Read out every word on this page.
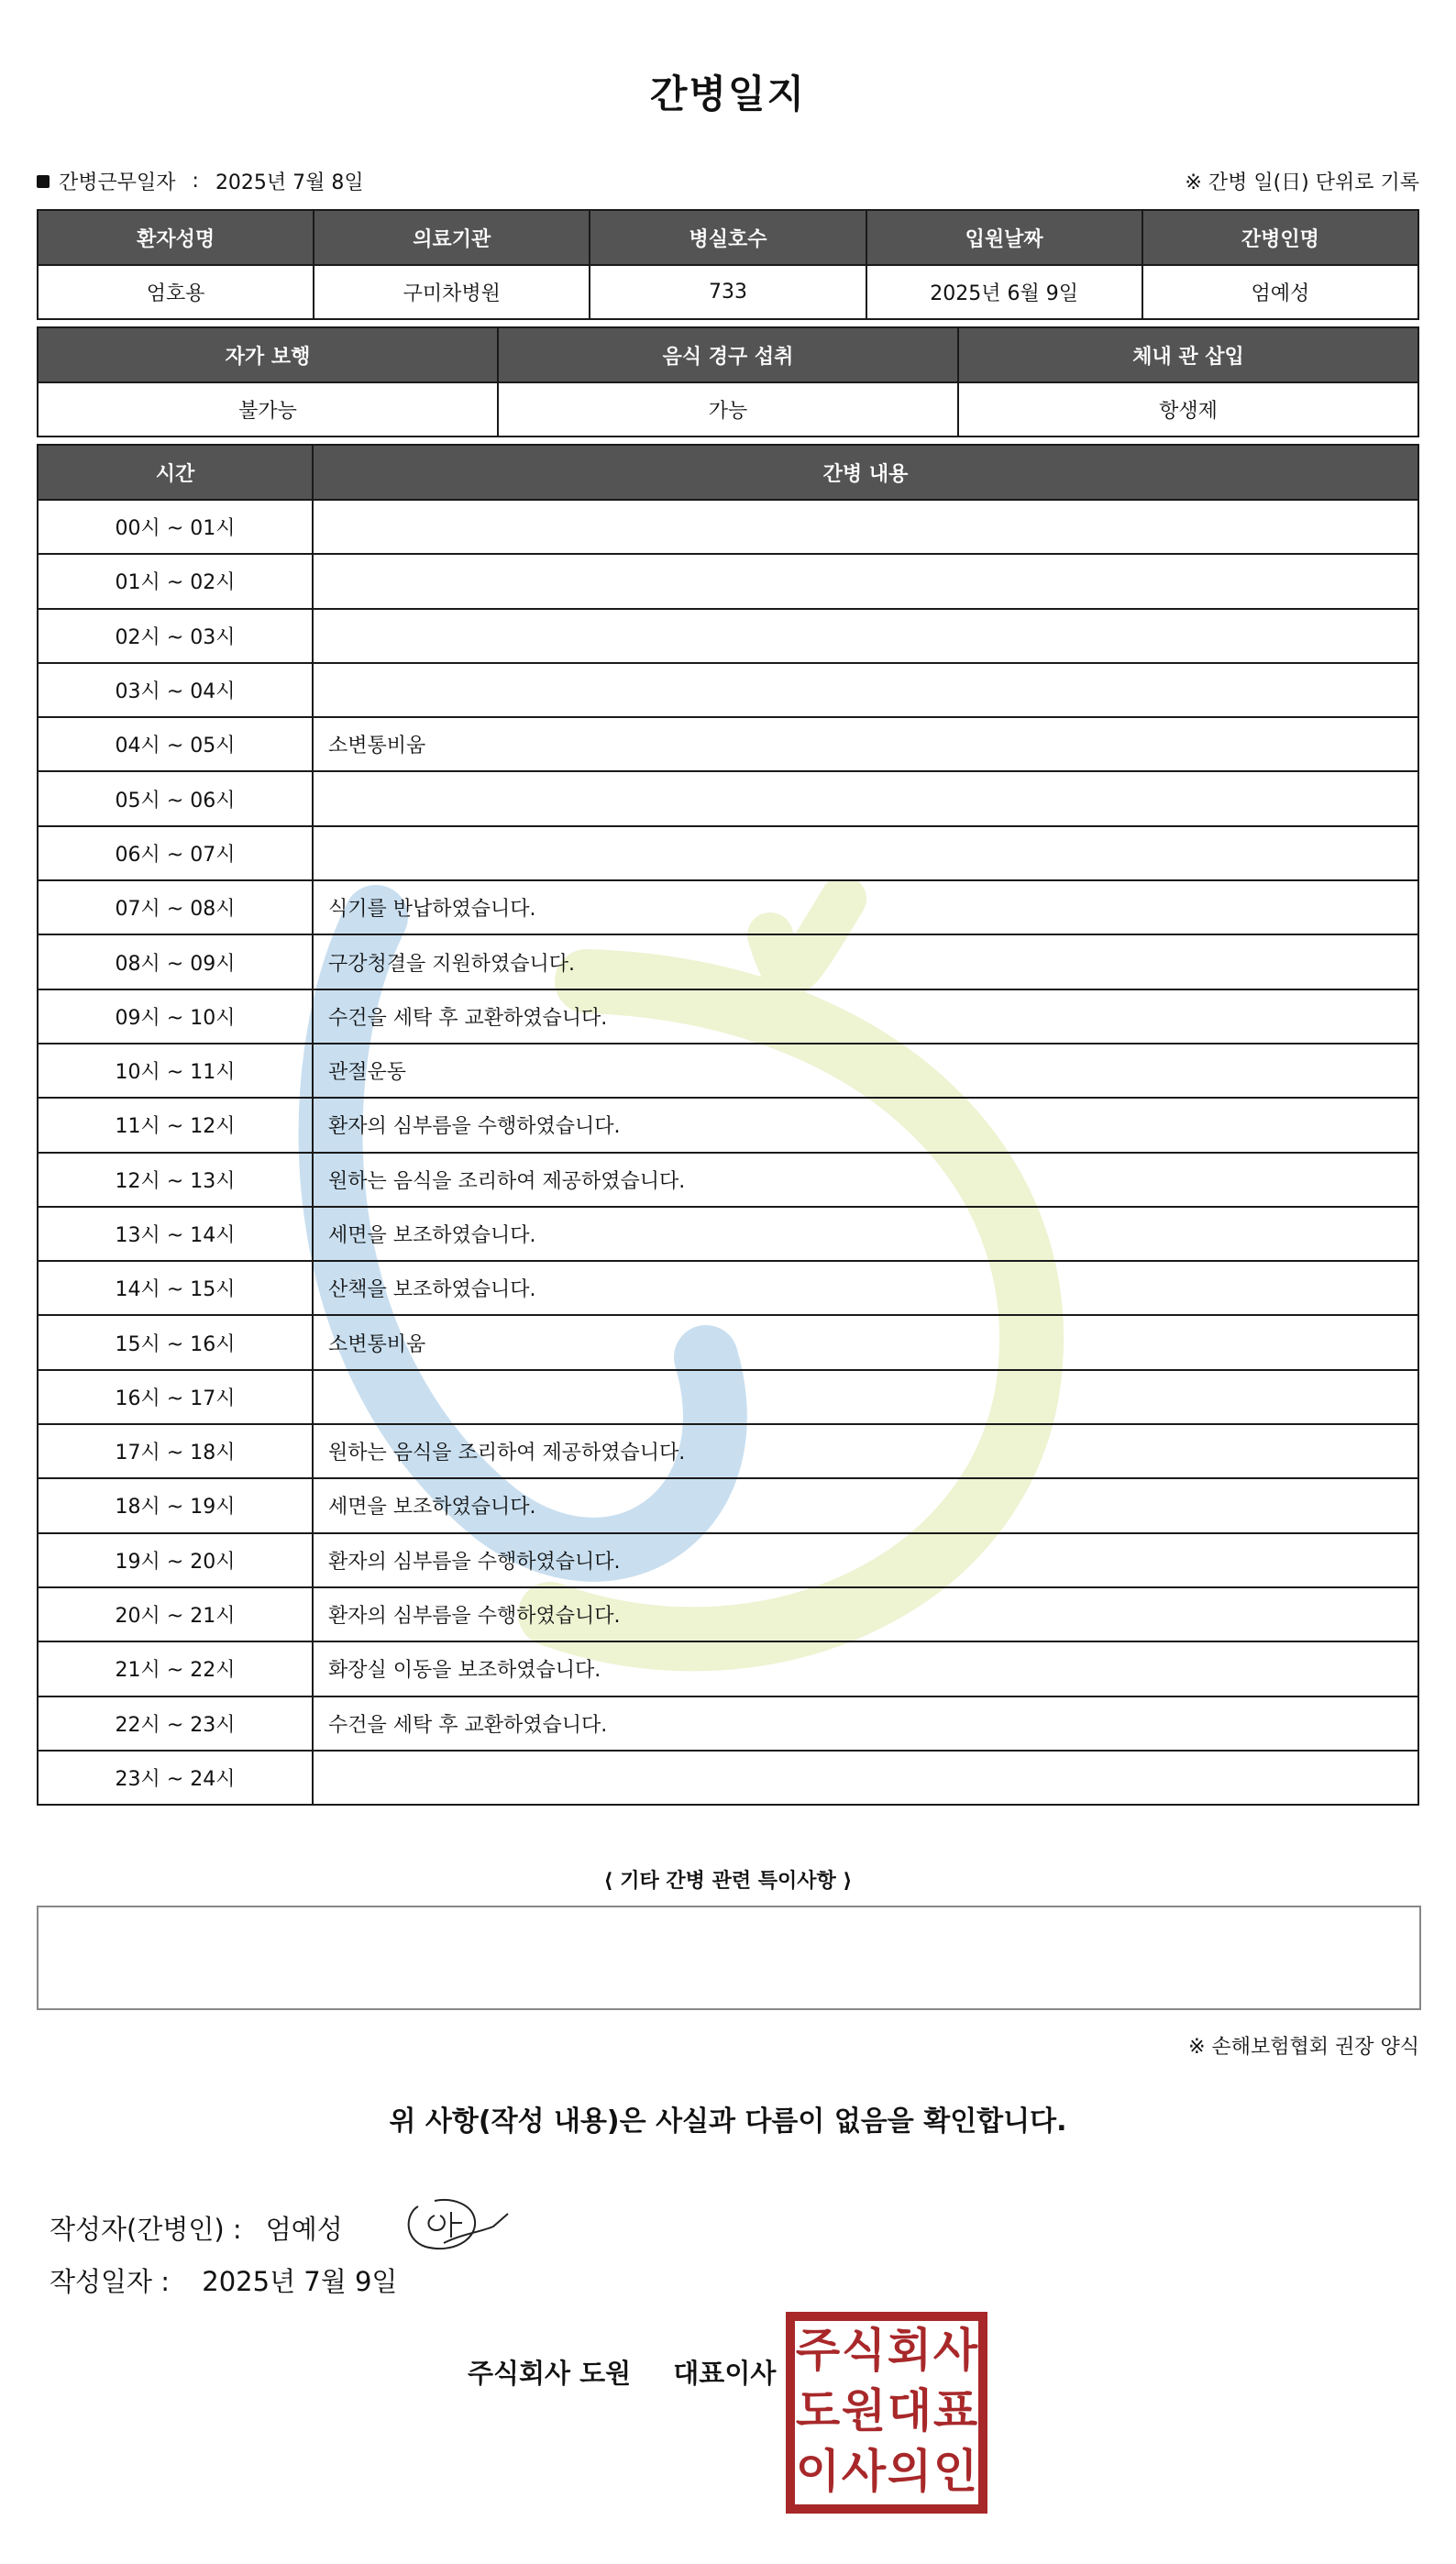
간병일지
간병근무일자 : 2025년 7월 8일	※ 간병 일(日) 단위로 기록
환자성명	의료기관	병실호수	입원날짜	간병인명
엄호용	구미차병원	733	2025년 6월 9일	엄예성
자가 보행	음식 경구 섭취	체내 관 삽입
불가능	가능	항생제
시간	간병 내용
00시 ~ 01시	
01시 ~ 02시	
02시 ~ 03시	
03시 ~ 04시	
04시 ~ 05시	소변통비움
05시 ~ 06시	
06시 ~ 07시	
07시 ~ 08시	식기를 반납하였습니다.
08시 ~ 09시	구강청결을 지원하였습니다.
09시 ~ 10시	수건을 세탁 후 교환하였습니다.
10시 ~ 11시	관절운동
11시 ~ 12시	환자의 심부름을 수행하였습니다.
12시 ~ 13시	원하는 음식을 조리하여 제공하였습니다.
13시 ~ 14시	세면을 보조하였습니다.
14시 ~ 15시	산책을 보조하였습니다.
15시 ~ 16시	소변통비움
16시 ~ 17시	
17시 ~ 18시	원하는 음식을 조리하여 제공하였습니다.
18시 ~ 19시	세면을 보조하였습니다.
19시 ~ 20시	환자의 심부름을 수행하였습니다.
20시 ~ 21시	환자의 심부름을 수행하였습니다.
21시 ~ 22시	화장실 이동을 보조하였습니다.
22시 ~ 23시	수건을 세탁 후 교환하였습니다.
23시 ~ 24시	
⟨ 기타 간병 관련 특이사항 ⟩
※ 손해보험협회 권장 양식
위 사항(작성 내용)은 사실과 다름이 없음을 확인합니다.
작성자(간병인) : 엄예성
작성일자 : 2025년 7월 9일
주식회사 도원 대표이사 주 식 회 사
도 원 대 표
이 사 의 인
